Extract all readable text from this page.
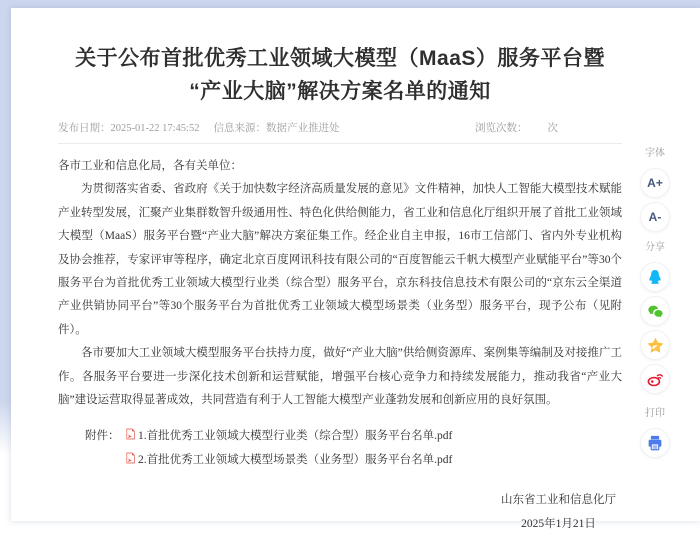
关于公布首批优秀工业领域大模型（MaaS）服务平台暨
“产业大脑”解决方案名单的通知
发布日期：2025-01-22 17:45:52 信息来源：数据产业推进处	浏览次数： 次

各市工业和信息化局，各有关单位：

为贯彻落实省委、省政府《关于加快数字经济高质量发展的意见》文件精神，加快人工智能大模型技术赋能产业转型发展，汇聚产业集群数智升级通用性、特色化供给侧能力，省工业和信息化厅组织开展了首批工业领域大模型（MaaS）服务平台暨“产业大脑”解决方案征集工作。经企业自主申报，16市工信部门、省内外专业机构及协会推荐，专家评审等程序，确定北京百度网讯科技有限公司的“百度智能云千帆大模型产业赋能平台”等30个服务平台为首批优秀工业领域大模型行业类（综合型）服务平台，京东科技信息技术有限公司的“京东云全渠道产业供销协同平台”等30个服务平台为首批优秀工业领域大模型场景类（业务型）服务平台，现予公布（见附件）。

各市要加大工业领域大模型服务平台扶持力度，做好“产业大脑”供给侧资源库、案例集等编制及对接推广工作。各服务平台要进一步深化技术创新和运营赋能，增强平台核心竞争力和持续发展能力，推动我省“产业大脑”建设运营取得显著成效，共同营造有利于人工智能大模型产业蓬勃发展和创新应用的良好氛围。

附件： 1.首批优秀工业领域大模型行业类（综合型）服务平台名单.pdf
2.首批优秀工业领域大模型场景类（业务型）服务平台名单.pdf
山东省工业和信息化厅
2025年1月21日
字体
A+
A-
分享
打印
